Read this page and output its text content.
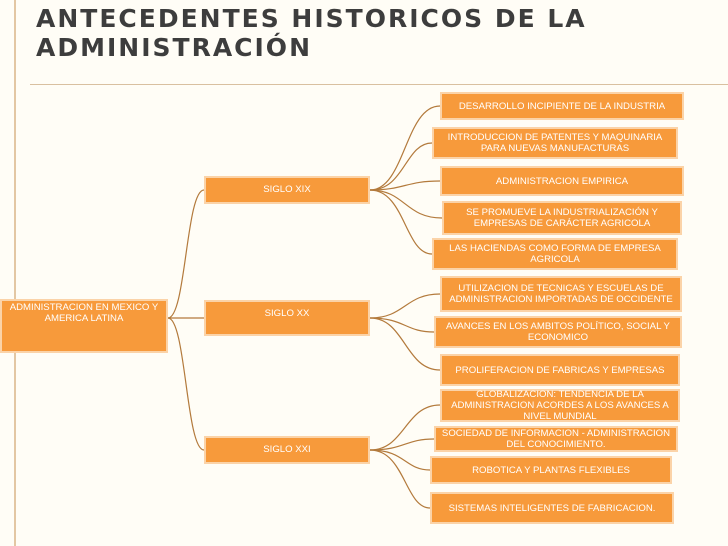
ANTECEDENTES HISTORICOS DE LA ADMINISTRACIÓN
ADMINISTRACION EN MEXICO Y AMERICA LATINA
SIGLO XIX
SIGLO XX
SIGLO XXI
DESARROLLO INCIPIENTE DE LA INDUSTRIA
INTRODUCCION DE PATENTES Y MAQUINARIA PARA NUEVAS MANUFACTURAS
ADMINISTRACION EMPIRICA
SE PROMUEVE LA INDUSTRIALIZACIÓN Y EMPRESAS DE CARÁCTER AGRICOLA
LAS HACIENDAS COMO FORMA DE EMPRESA AGRICOLA
UTILIZACION DE TECNICAS Y ESCUELAS DE ADMINISTRACION IMPORTADAS DE OCCIDENTE
AVANCES EN LOS AMBITOS POLÍTICO, SOCIAL Y ECONOMICO
PROLIFERACION DE FABRICAS Y EMPRESAS
GLOBALIZACION: TENDENCIA DE LA ADMINISTRACION ACORDES A LOS AVANCES A NIVEL MUNDIAL
SOCIEDAD DE INFORMACION - ADMINISTRACION DEL CONOCIMIENTO.
ROBOTICA Y PLANTAS FLEXIBLES
SISTEMAS INTELIGENTES DE FABRICACION.
